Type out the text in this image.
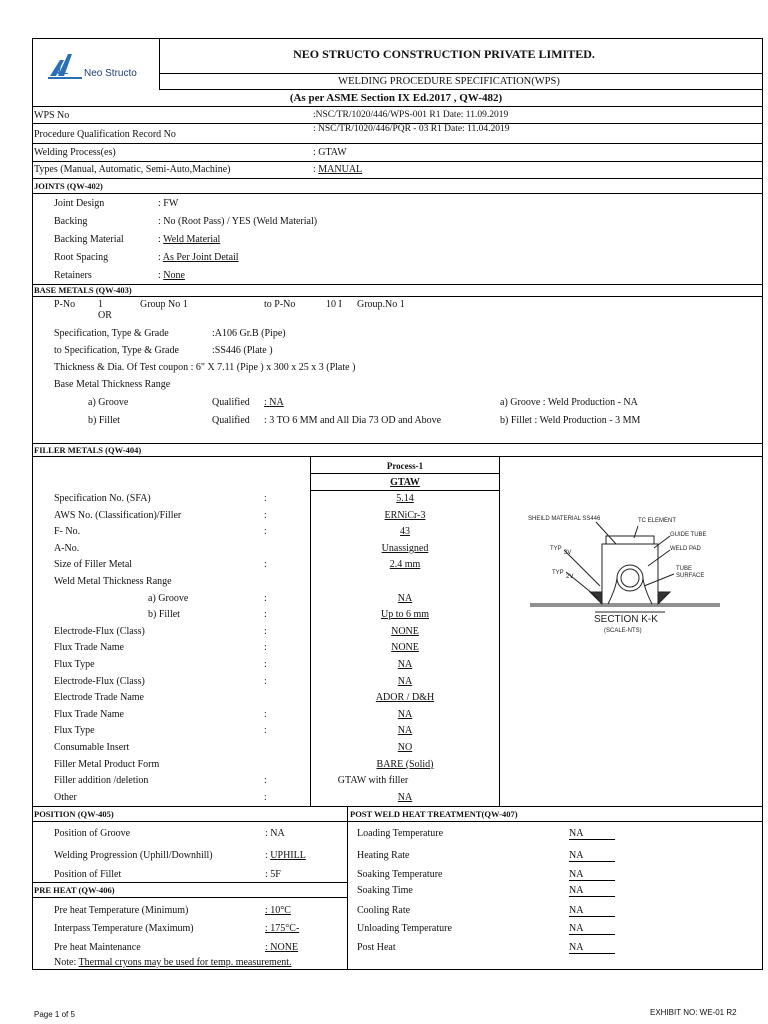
NIL Neo Structo
NEO STRUCTO CONSTRUCTION PRIVATE LIMITED.
WELDING PROCEDURE SPECIFICATION(WPS)
(As per ASME Section IX Ed.2017 , QW-482)
WPS No	:NSC/TR/1020/446/WPS-001 R1 Date: 11.09.2019
Procedure Qualification Record No	: NSC/TR/1020/446/PQR - 03 R1 Date: 11.04.2019
Welding Process(es)	: GTAW
Types (Manual, Automatic, Semi-Auto,Machine)	: MANUAL
JOINTS (QW-402)
Joint Design	: FW
Backing	: No (Root Pass) / YES (Weld Material)
Backing Material	: Weld Material
Root Spacing	: As Per Joint Detail
Retainers	: None
BASE METALS (QW-403)
P-No 1	Group No 1	to P-No	10 I Group.No 1
OR
Specification, Type & Grade	:A106 Gr.B (Pipe)
to Specification, Type & Grade	:SS446 (Plate )
Thickness & Dia. Of Test coupon : 6" X 7.11 (Pipe ) x 300 x 25 x 3 (Plate )
Base Metal Thickness Range
a) Groove	Qualified : NA	a) Groove : Weld Production - NA
b) Fillet	Qualified : 3 TO 6 MM and All Dia 73 OD and Above	b) Fillet : Weld Production - 3 MM
FILLER METALS (QW-404)
Process-1
GTAW
Specification No. (SFA)	:	5.14
AWS No. (Classification)/Filler	:	ERNiCr-3
F- No.	:	43
A-No.	Unassigned
Size of Filler Metal	:	2.4 mm
Weld Metal Thickness Range
a) Groove	:	NA
b) Fillet	:	Up to 6 mm
Electrode-Flux (Class)	:	NONE
Flux Trade Name	:	NONE
Flux Type	:	NA
Electrode-Flux (Class)	:	NA
Electrode Trade Name	ADOR / D&H
Flux Trade Name	:	NA
Flux Type	:	NA
Consumable Insert	NO
Filler Metal Product Form	BARE (Solid)
Filler addition /deletion	:	GTAW with filler
Other	:	NA
SHEILD MATERIAL SS446	TC ELEMENT
GUIDE TUBE
WELD PAD
TUBE
SURFACE
TYP
3V
TYP
2V
SECTION K-K
(SCALE-NTS)
POSITION (QW-405)
Position of Groove	: NA
Welding Progression (Uphill/Downhill)	: UPHILL
Position of Fillet	: 5F
PRE HEAT (QW-406)
Pre heat Temperature (Minimum)	: 10°C
Interpass Temperature (Maximum)	: 175°C-
Pre heat Maintenance	: NONE
Note: Thermal cryons may be used for temp. measurement.
POST WELD HEAT TREATMENT(QW-407)
Loading Temperature	NA
Heating Rate	NA
Soaking Temperature	NA
Soaking Time	NA
Cooling Rate	NA
Unloading Temperature	NA
Post Heat	NA
Page 1 of 5	EXHIBIT NO: WE-01 R2
